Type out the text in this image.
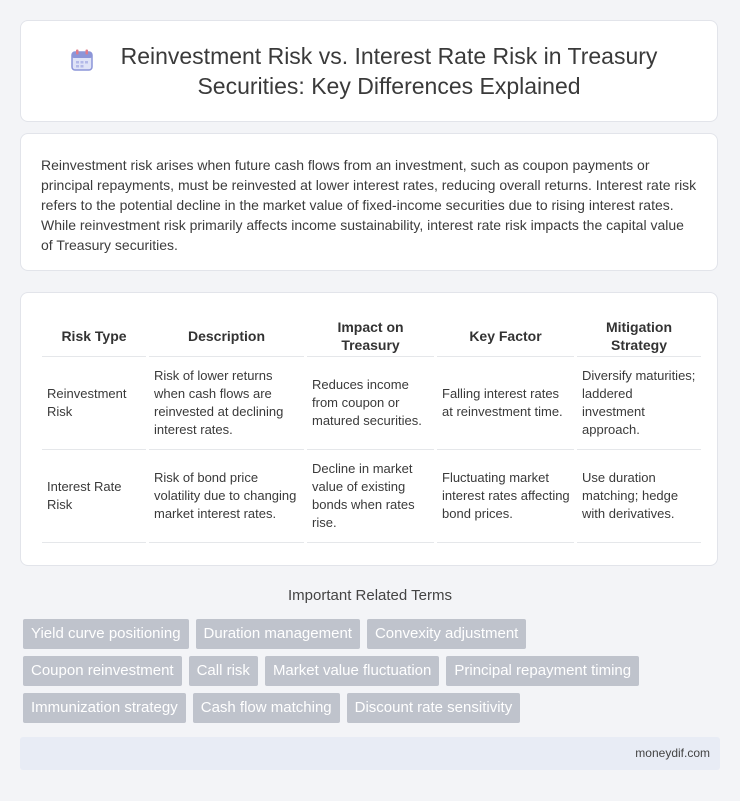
Reinvestment Risk vs. Interest Rate Risk in Treasury Securities: Key Differences Explained

Reinvestment risk arises when future cash flows from an investment, such as coupon payments or principal repayments, must be reinvested at lower interest rates, reducing overall returns. Interest rate risk refers to the potential decline in the market value of fixed-income securities due to rising interest rates. While reinvestment risk primarily affects income sustainability, interest rate risk impacts the capital value of Treasury securities.

Risk Type	Description	Impact on Treasury	Key Factor	Mitigation Strategy
Reinvestment Risk	Risk of lower returns when cash flows are reinvested at declining interest rates.	Reduces income from coupon or matured securities.	Falling interest rates at reinvestment time.	Diversify maturities; laddered investment approach.
Interest Rate Risk	Risk of bond price volatility due to changing market interest rates.	Decline in market value of existing bonds when rates rise.	Fluctuating market interest rates affecting bond prices.	Use duration matching; hedge with derivatives.
Important Related Terms
Yield curve positioning	Duration management	Convexity adjustment
Coupon reinvestment	Call risk	Market value fluctuation	Principal repayment timing
Immunization strategy	Cash flow matching	Discount rate sensitivity
moneydif.com
